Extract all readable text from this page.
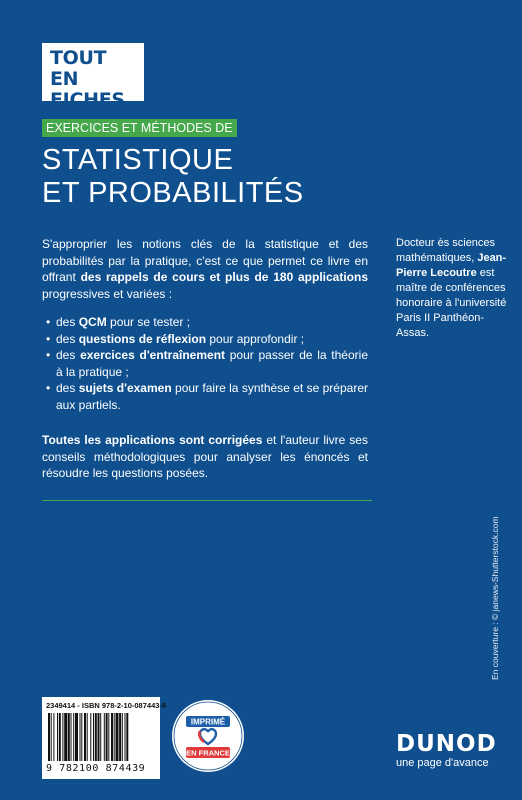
TOUT EN
FICHES
EXERCICES ET MÉTHODES DE
STATISTIQUE
ET PROBABILITÉS

S'approprier les notions clés de la statistique et des probabilités par la pratique, c'est ce que permet ce livre en offrant des rappels de cours et plus de 180 applications progressives et variées :

• des QCM pour se tester ;
• des questions de réflexion pour approfondir ;
• des exercices d'entraînement pour passer de la théorie à la pratique ;
• des sujets d'examen pour faire la synthèse et se préparer aux partiels.

Toutes les applications sont corrigées et l'auteur livre ses conseils méthodologiques pour analyser les énoncés et résoudre les questions posées.

Docteur ès sciences mathématiques, Jean-Pierre Lecoutre est maître de conférences honoraire à l'université Paris II Panthéon-Assas.
En couverture : © janews-Shutterstock.com
2349414 - ISBN 978-2-10-087443-9
9 782100 874439
IMPRIMÉ
EN FRANCE	DUNOD
une page d'avance
